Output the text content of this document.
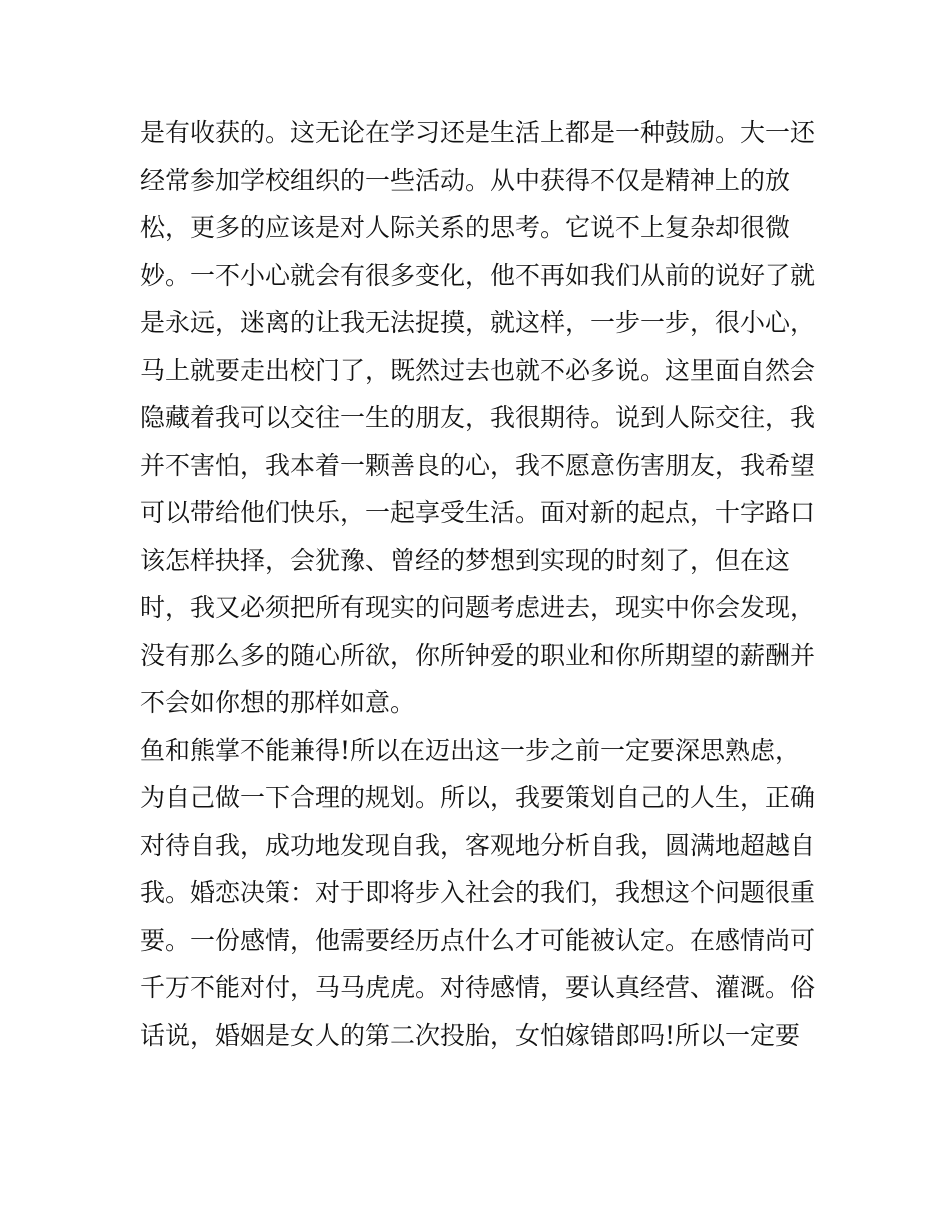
是有收获的。这无论在学习还是生活上都是一种鼓励。大一还
经常参加学校组织的一些活动。从中获得不仅是精神上的放
松，更多的应该是对人际关系的思考。它说不上复杂却很微
妙。一不小心就会有很多变化，他不再如我们从前的说好了就
是永远，迷离的让我无法捉摸，就这样，一步一步，很小心，
马上就要走出校门了，既然过去也就不必多说。这里面自然会
隐藏着我可以交往一生的朋友，我很期待。说到人际交往，我
并不害怕，我本着一颗善良的心，我不愿意伤害朋友，我希望
可以带给他们快乐，一起享受生活。面对新的起点，十字路口
该怎样抉择，会犹豫、曾经的梦想到实现的时刻了，但在这
时，我又必须把所有现实的问题考虑进去，现实中你会发现，
没有那么多的随心所欲，你所钟爱的职业和你所期望的薪酬并
不会如你想的那样如意。
鱼和熊掌不能兼得!所以在迈出这一步之前一定要深思熟虑，
为自己做一下合理的规划。所以，我要策划自己的人生，正确
对待自我，成功地发现自我，客观地分析自我，圆满地超越自
我。婚恋决策：对于即将步入社会的我们，我想这个问题很重
要。一份感情，他需要经历点什么才可能被认定。在感情尚可
千万不能对付，马马虎虎。对待感情，要认真经营、灌溉。俗
话说，婚姻是女人的第二次投胎，女怕嫁错郎吗!所以一定要
